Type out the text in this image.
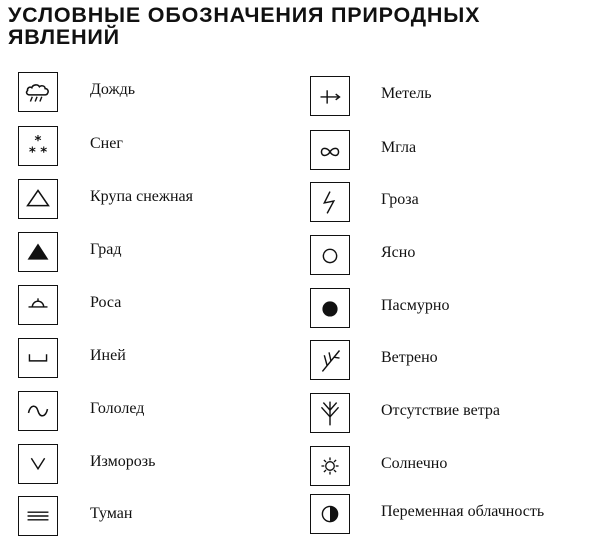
УСЛОВНЫЕ ОБОЗНАЧЕНИЯ ПРИРОДНЫХ ЯВЛЕНИЙ
Дождь
*
* *
Снег
Крупа снежная
Град
Роса
Иней
Гололед
Изморозь
Туман
Метель
Мгла
Гроза
Ясно
Пасмурно
Ветрено
Отсутствие ветра
Солнечно
Переменная облачность
